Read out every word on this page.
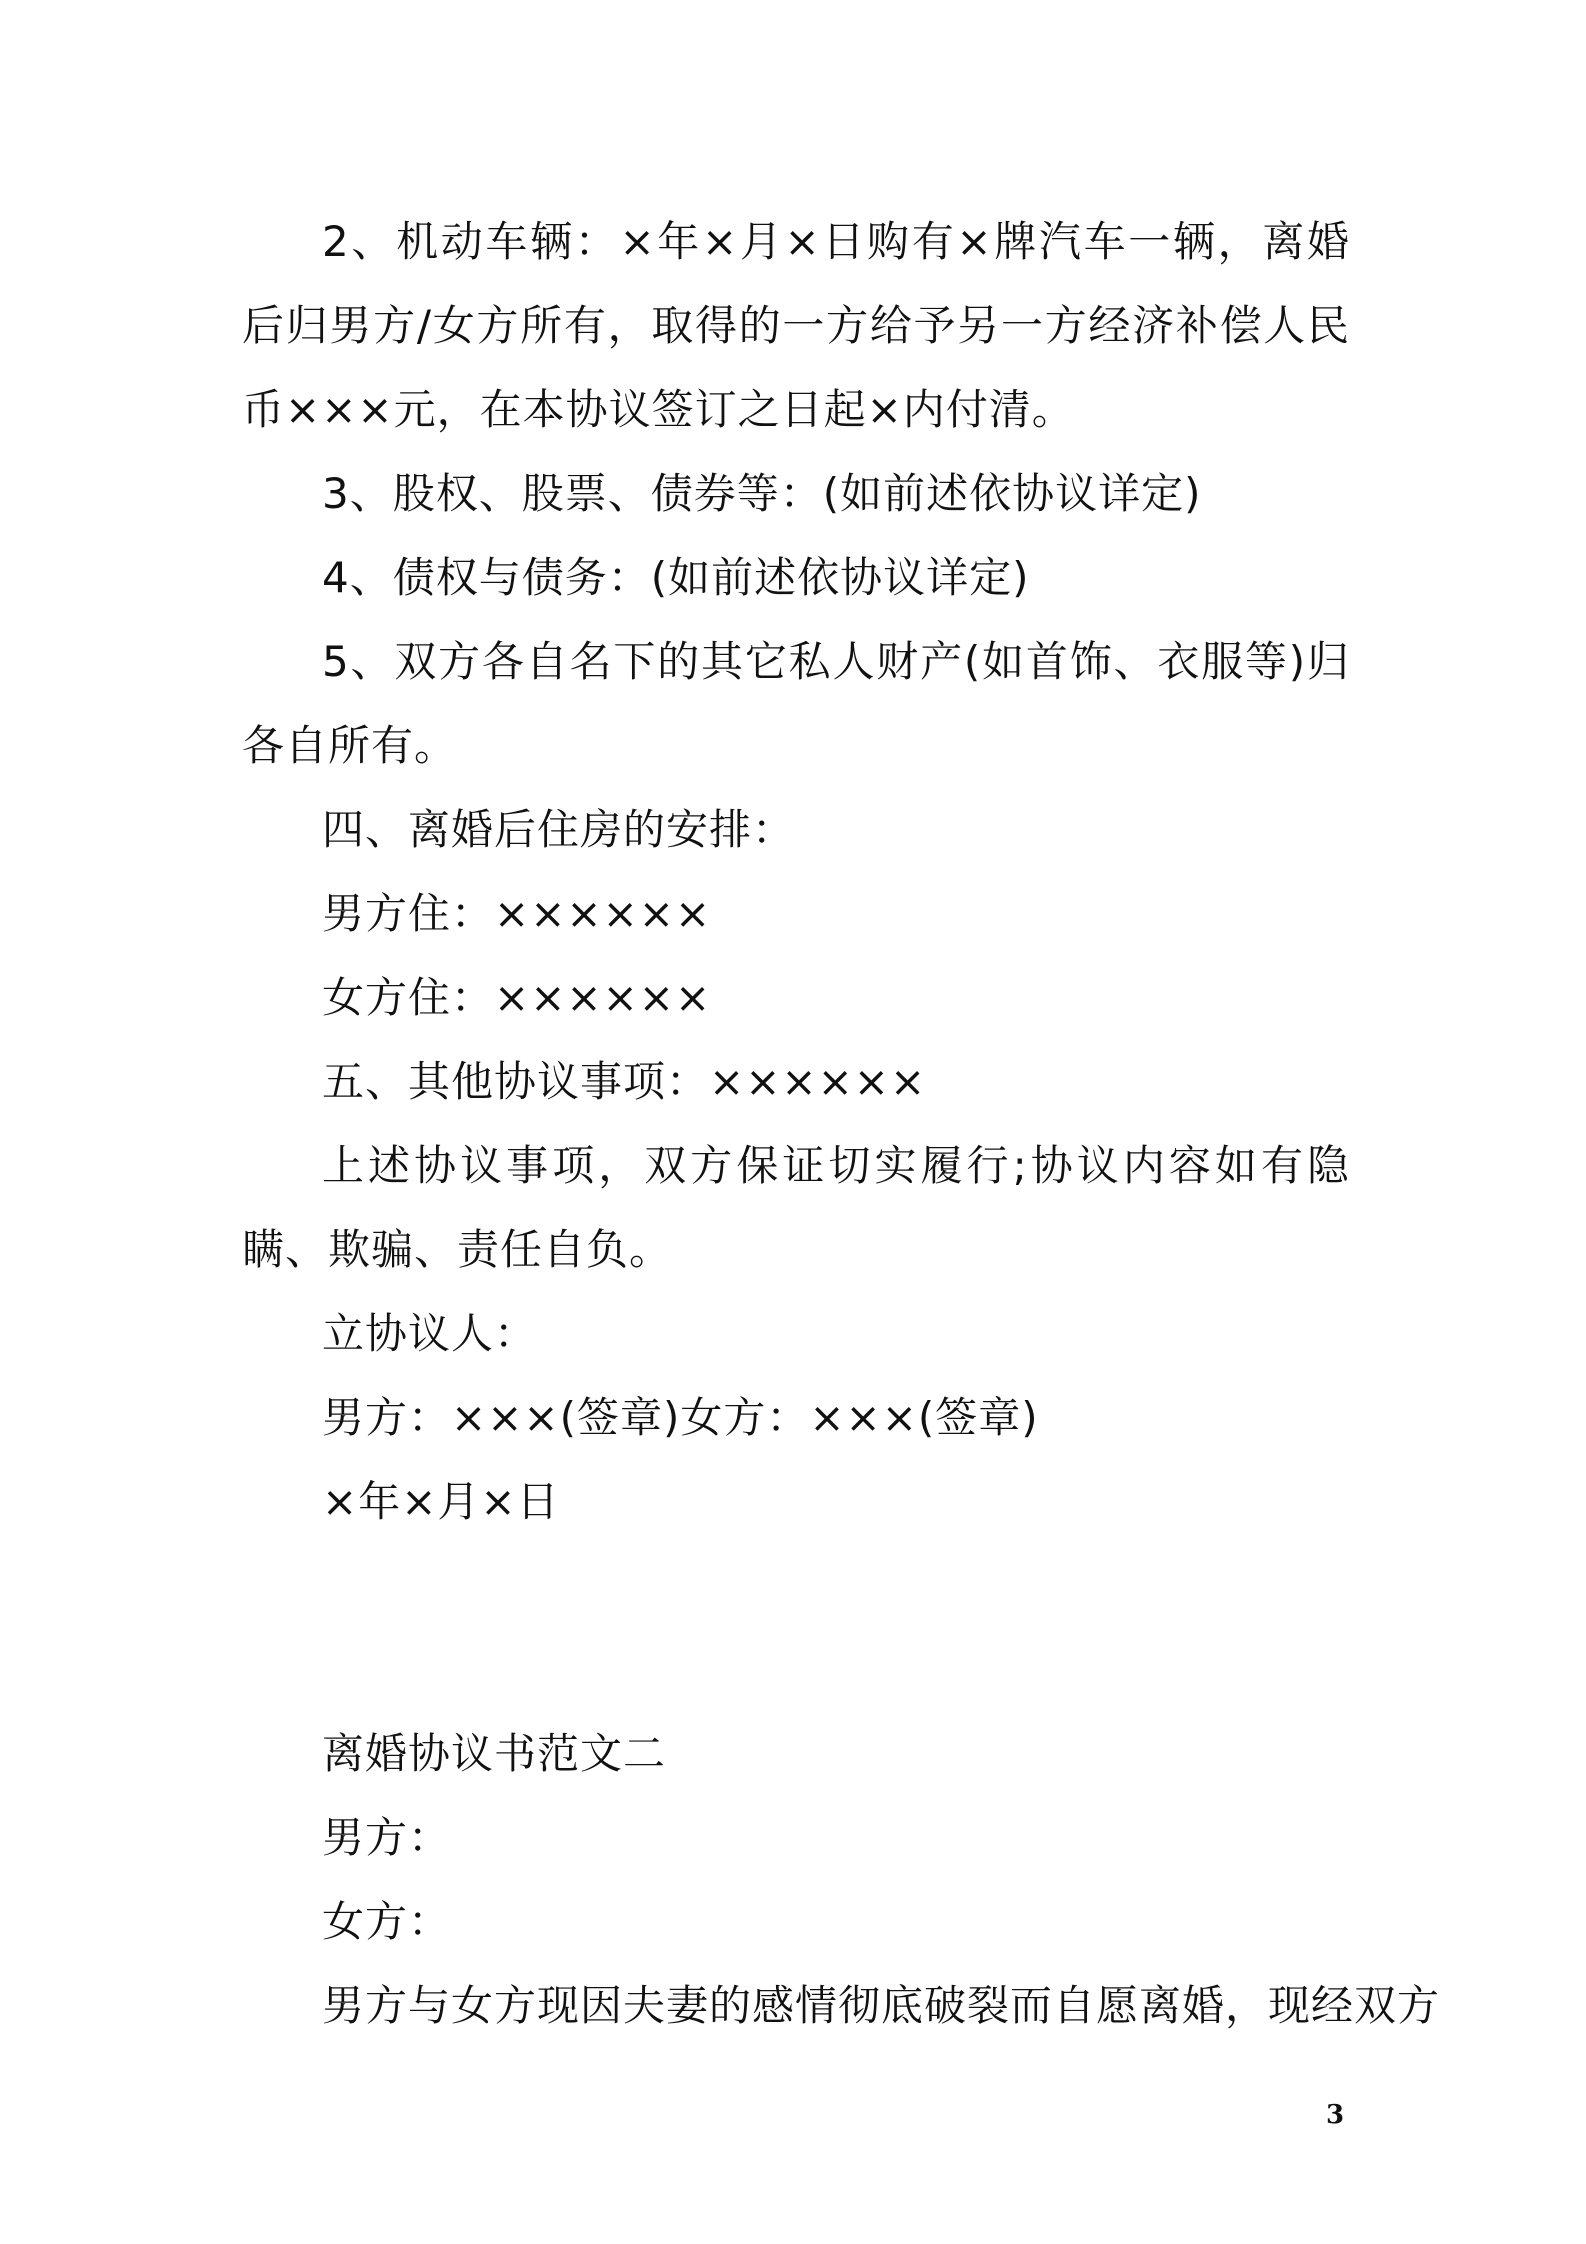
2、机动车辆：×年×月×日购有×牌汽车一辆，离婚后归男方/女方所有，取得的一方给予另一方经济补偿人民币×××元，在本协议签订之日起×内付清。

3、股权、股票、债券等：(如前述依协议详定)

4、债权与债务：(如前述依协议详定)

5、双方各自名下的其它私人财产(如首饰、衣服等)归各自所有。

四、离婚后住房的安排：

男方住：××××××

女方住：××××××

五、其他协议事项：××××××

上述协议事项，双方保证切实履行;协议内容如有隐瞒、欺骗、责任自负。

立协议人：

男方：×××(签章)女方：×××(签章)

×年×月×日

离婚协议书范文二

男方：

女方：

男方与女方现因夫妻的感情彻底破裂而自愿离婚，现经双方

3
